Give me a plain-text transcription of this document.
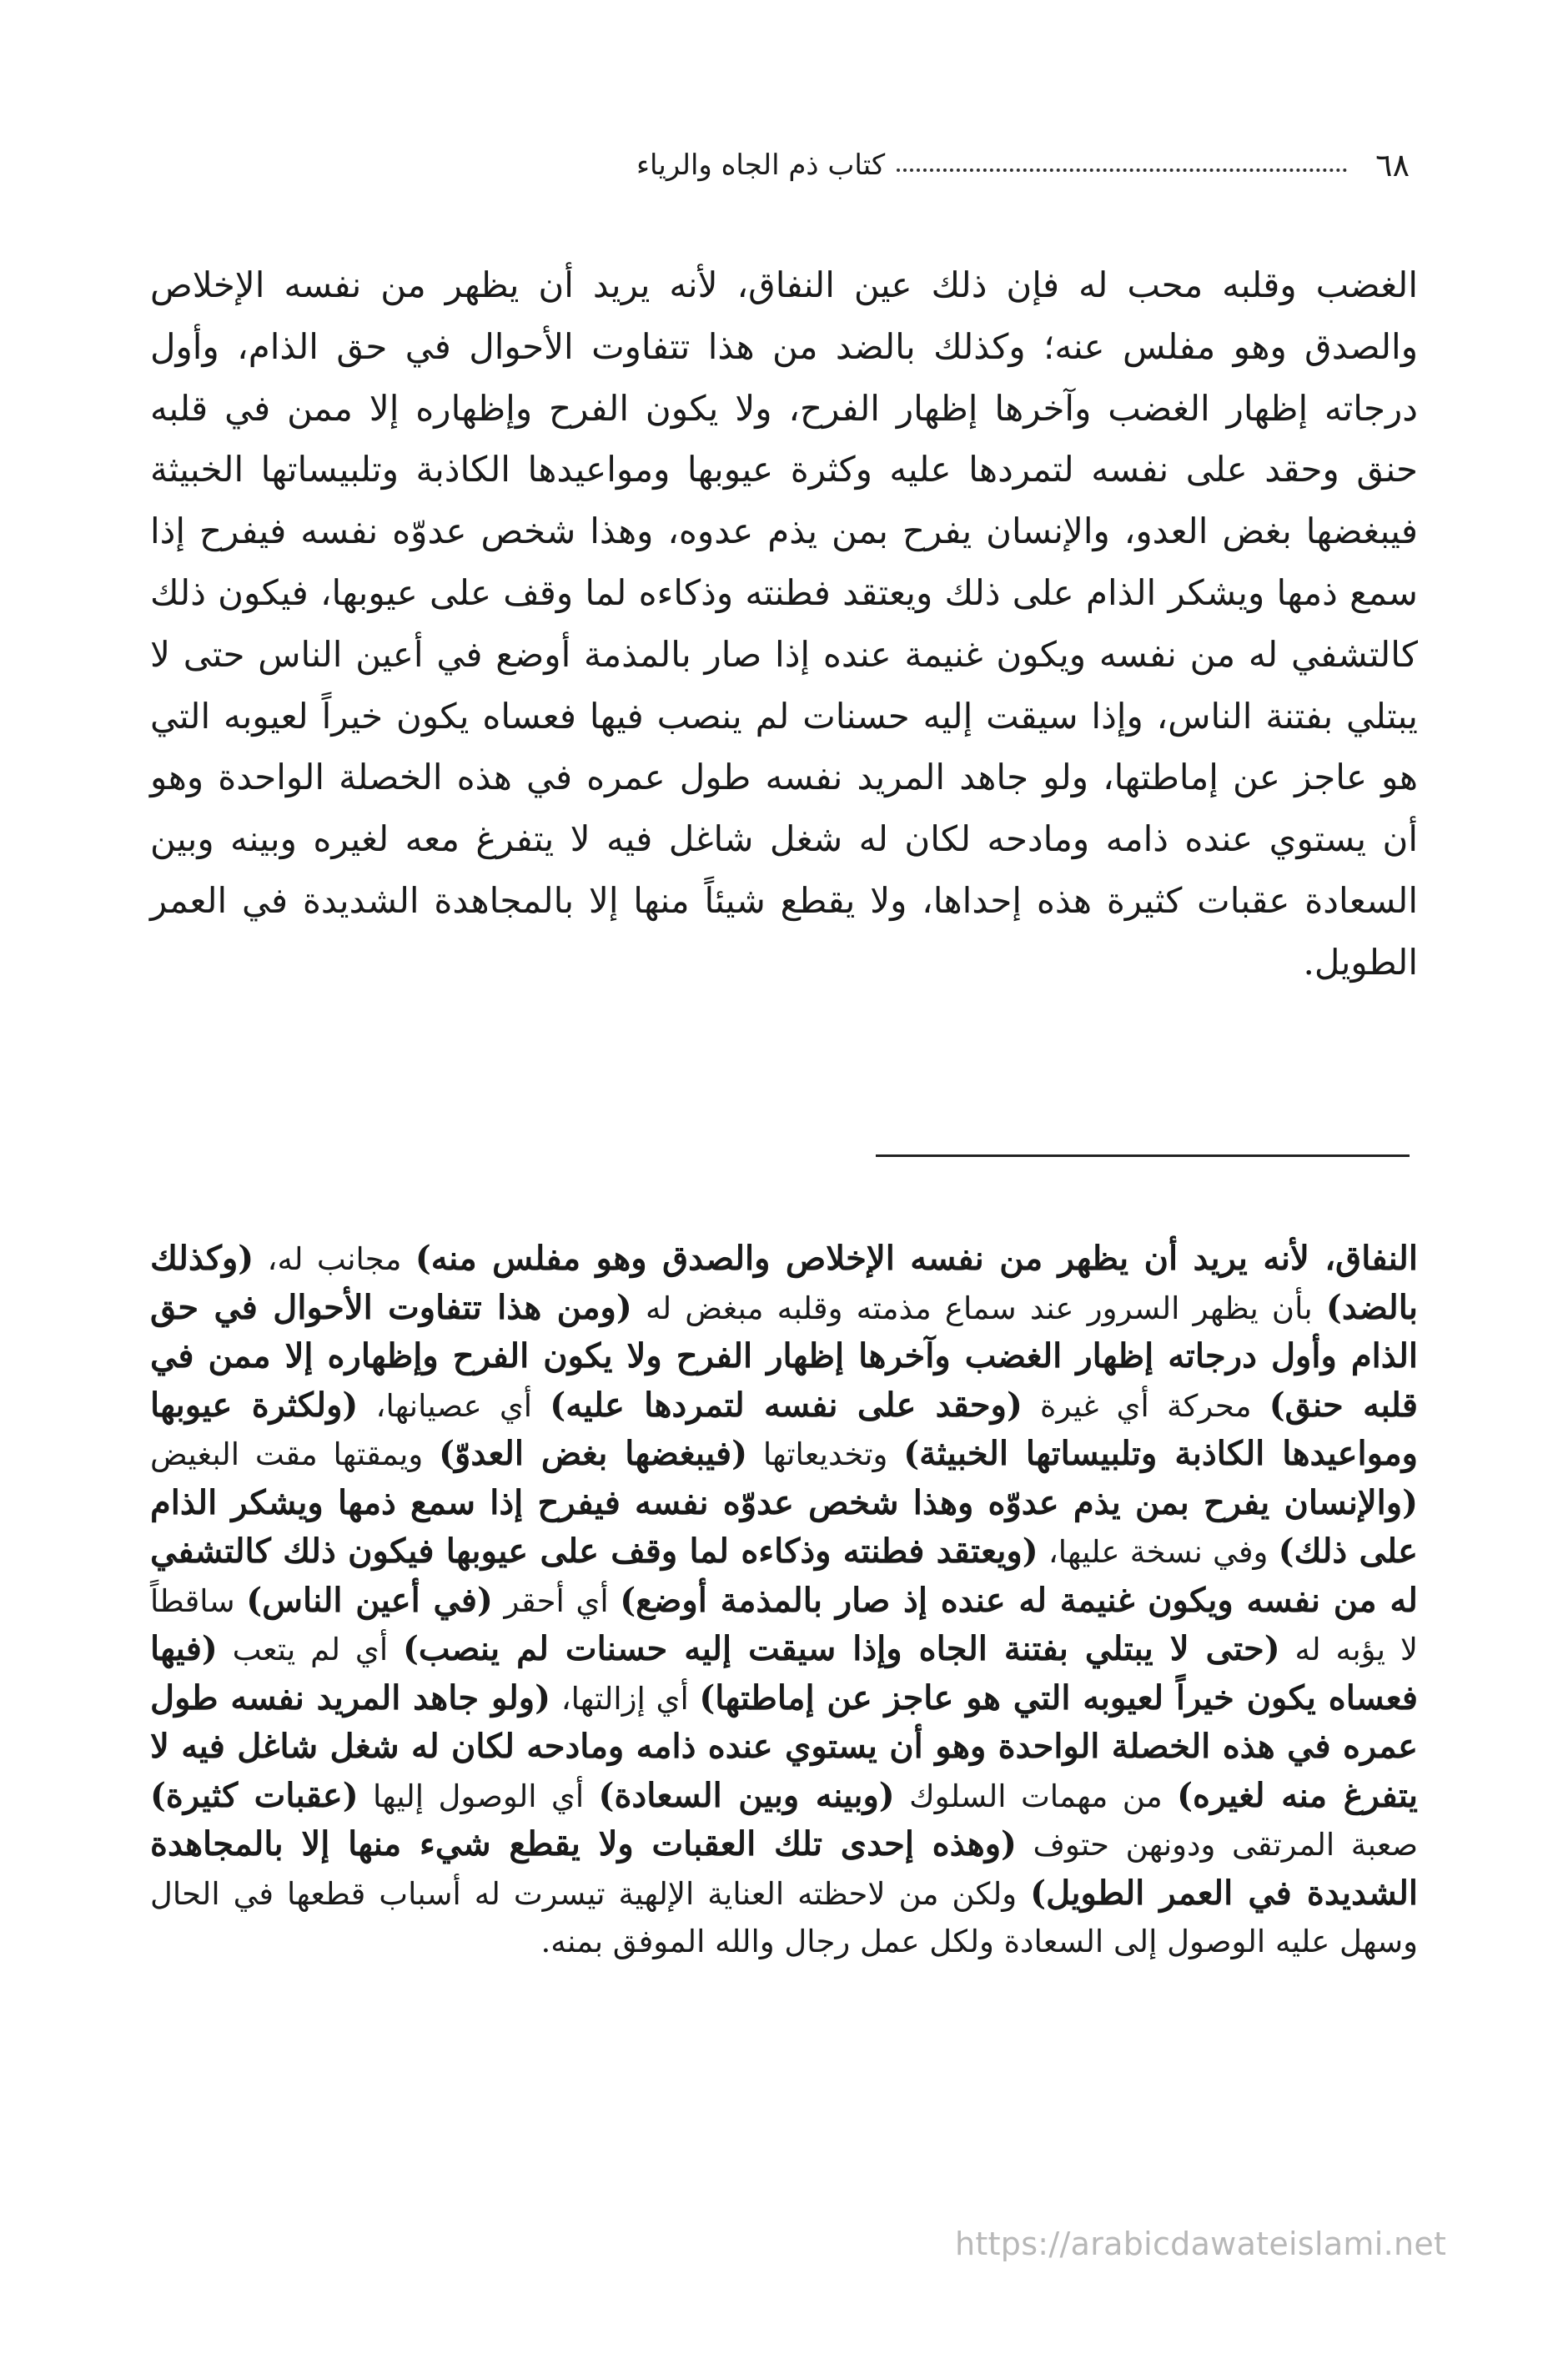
٦٨
كتاب ذم الجاه والرياء
الغضب وقلبه محب له فإن ذلك عين النفاق، لأنه يريد أن يظهر من نفسه الإخلاص والصدق وهو مفلس عنه؛ وكذلك بالضد من هذا تتفاوت الأحوال في حق الذام، وأول درجاته إظهار الغضب وآخرها إظهار الفرح، ولا يكون الفرح وإظهاره إلا ممن في قلبه حنق وحقد على نفسه لتمردها عليه وكثرة عيوبها ومواعيدها الكاذبة وتلبيساتها الخبيثة فيبغضها بغض العدو، والإنسان يفرح بمن يذم عدوه، وهذا شخص عدوّه نفسه فيفرح إذا سمع ذمها ويشكر الذام على ذلك ويعتقد فطنته وذكاءه لما وقف على عيوبها، فيكون ذلك كالتشفي له من نفسه ويكون غنيمة عنده إذا صار بالمذمة أوضع في أعين الناس حتى لا يبتلي بفتنة الناس، وإذا سيقت إليه حسنات لم ينصب فيها فعساه يكون خيراً لعيوبه التي هو عاجز عن إماطتها، ولو جاهد المريد نفسه طول عمره في هذه الخصلة الواحدة وهو أن يستوي عنده ذامه ومادحه لكان له شغل شاغل فيه لا يتفرغ معه لغيره وبينه وبين السعادة عقبات كثيرة هذه إحداها، ولا يقطع شيئاً منها إلا بالمجاهدة الشديدة في العمر الطويل.
النفاق، لأنه يريد أن يظهر من نفسه الإخلاص والصدق وهو مفلس منه) مجانب له، (وكذلك بالضد) بأن يظهر السرور عند سماع مذمته وقلبه مبغض له (ومن هذا تتفاوت الأحوال في حق الذام وأول درجاته إظهار الغضب وآخرها إظهار الفرح ولا يكون الفرح وإظهاره إلا ممن في قلبه حنق) محركة أي غيرة (وحقد على نفسه لتمردها عليه) أي عصيانها، (ولكثرة عيوبها ومواعيدها الكاذبة وتلبيساتها الخبيثة) وتخديعاتها (فيبغضها بغض العدوّ) ويمقتها مقت البغيض (والإنسان يفرح بمن يذم عدوّه وهذا شخص عدوّه نفسه فيفرح إذا سمع ذمها ويشكر الذام على ذلك) وفي نسخة عليها، (ويعتقد فطنته وذكاءه لما وقف على عيوبها فيكون ذلك كالتشفي له من نفسه ويكون غنيمة له عنده إذ صار بالمذمة أوضع) أي أحقر (في أعين الناس) ساقطاً لا يؤبه له (حتى لا يبتلي بفتنة الجاه وإذا سيقت إليه حسنات لم ينصب) أي لم يتعب (فيها فعساه يكون خيراً لعيوبه التي هو عاجز عن إماطتها) أي إزالتها، (ولو جاهد المريد نفسه طول عمره في هذه الخصلة الواحدة وهو أن يستوي عنده ذامه ومادحه لكان له شغل شاغل فيه لا يتفرغ منه لغيره) من مهمات السلوك (وبينه وبين السعادة) أي الوصول إليها (عقبات كثيرة) صعبة المرتقى ودونهن حتوف (وهذه إحدى تلك العقبات ولا يقطع شيء منها إلا بالمجاهدة الشديدة في العمر الطويل) ولكن من لاحظته العناية الإلهية تيسرت له أسباب قطعها في الحال وسهل عليه الوصول إلى السعادة ولكل عمل رجال والله الموفق بمنه.
https://arabicdawateislami.net
